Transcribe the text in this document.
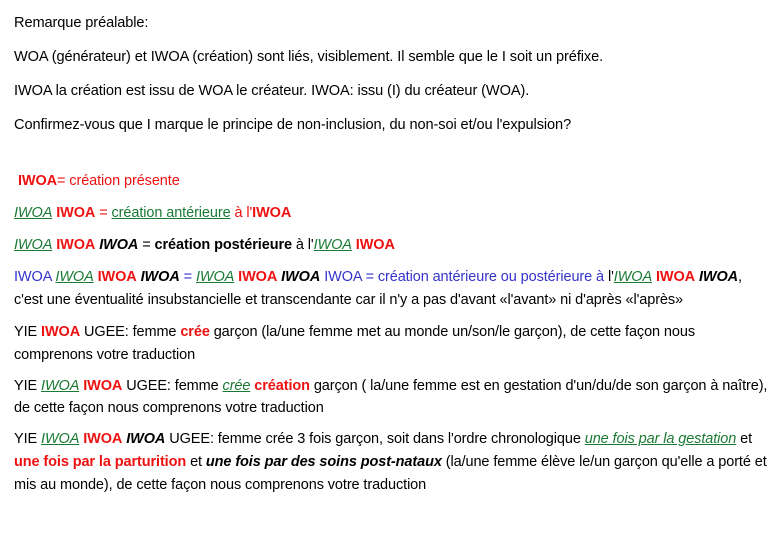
Remarque préalable:

WOA (générateur) et IWOA (création) sont liés, visiblement. Il semble que le I soit un préfixe.

IWOA la création est issu de WOA le créateur. IWOA: issu (I) du créateur (WOA).

Confirmez-vous que I marque le principe de non-inclusion, du non-soi et/ou l'expulsion?

IWOA= création présente

IWOA IWOA = création antérieure à l'IWOA

IWOA IWOA IWOA = création postérieure à l'IWOA IWOA

IWOA IWOA IWOA IWOA = IWOA IWOA IWOA IWOA = création antérieure ou postérieure à l'IWOA IWOA IWOA, c'est une éventualité insubstancielle et transcendante car il n'y a pas d'avant «l'avant» ni d'après «l'après»

YIE IWOA UGEE: femme crée garçon (la/une femme met au monde un/son/le garçon), de cette façon nous comprenons votre traduction

YIE IWOA IWOA UGEE: femme crée création garçon ( la/une femme est en gestation d'un/du/de son garçon à naître), de cette façon nous comprenons votre traduction

YIE IWOA IWOA IWOA UGEE: femme crée 3 fois garçon, soit dans l'ordre chronologique une fois par la gestation et une fois par la parturition et une fois par des soins post-nataux (la/une femme élève le/un garçon qu'elle a porté et mis au monde), de cette façon nous comprenons votre traduction
